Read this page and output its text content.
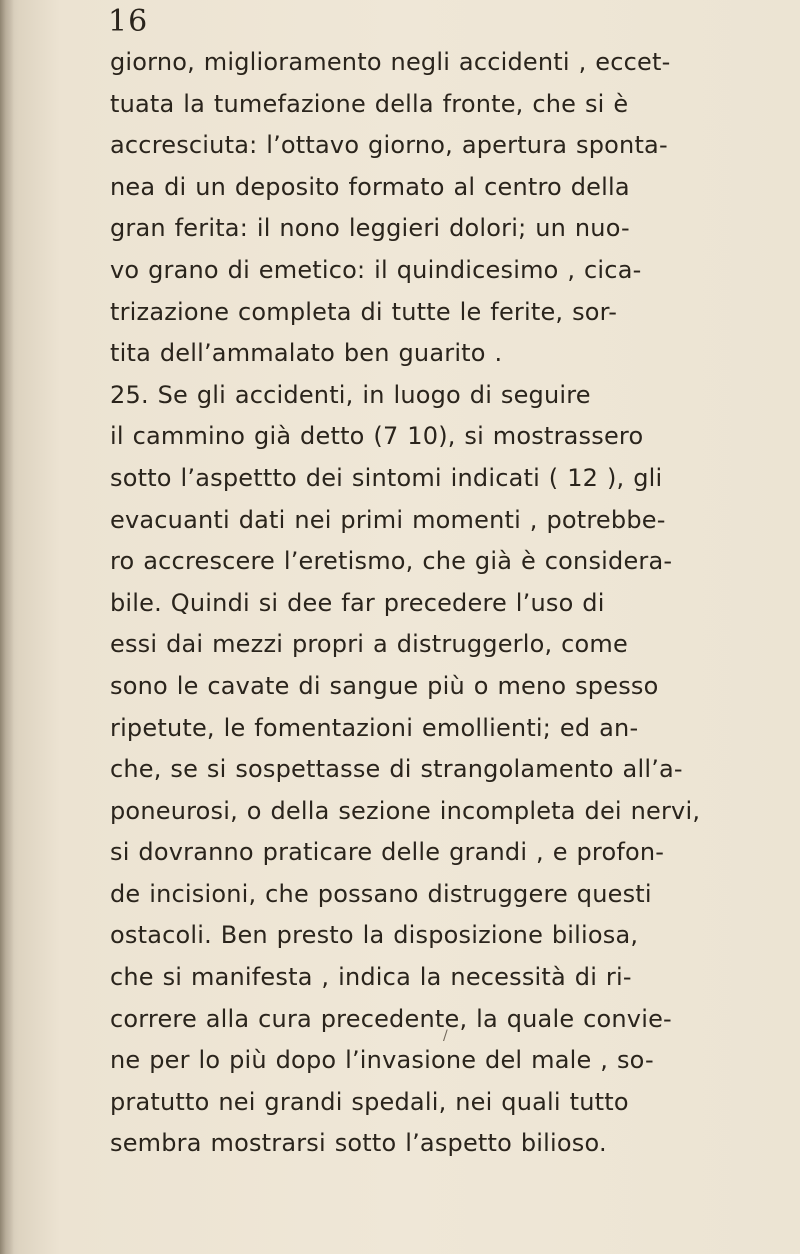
16
giorno, miglioramento negli accidenti , eccet-
tuata la tumefazione della fronte, che si è
accresciuta: l’ottavo giorno, apertura sponta-
nea di un deposito formato al centro della
gran ferita: il nono leggieri dolori; un nuo-
vo grano di emetico: il quindicesimo , cica-
trizazione completa di tutte le ferite, sor-
tita dell’ammalato ben guarito .
25. Se gli accidenti, in luogo di seguire
il cammino già detto (7 10), si mostrassero
sotto l’aspettto dei sintomi indicati ( 12 ), gli
evacuanti dati nei primi momenti , potrebbe-
ro accrescere l’eretismo, che già è considera-
bile. Quindi si dee far precedere l’uso di
essi dai mezzi propri a distruggerlo, come
sono le cavate di sangue più o meno spesso
ripetute, le fomentazioni emollienti; ed an-
che, se si sospettasse di strangolamento all’a-
poneurosi, o della sezione incompleta dei nervi,
si dovranno praticare delle grandi , e profon-
de incisioni, che possano distruggere questi
ostacoli. Ben presto la disposizione biliosa,
che si manifesta , indica la necessità di ri-
correre alla cura precedente, la quale convie-
ne per lo più dopo l’invasione del male , so-
pratutto nei grandi spedali, nei quali tutto
sembra mostrarsi sotto l’aspetto bilioso.
/
